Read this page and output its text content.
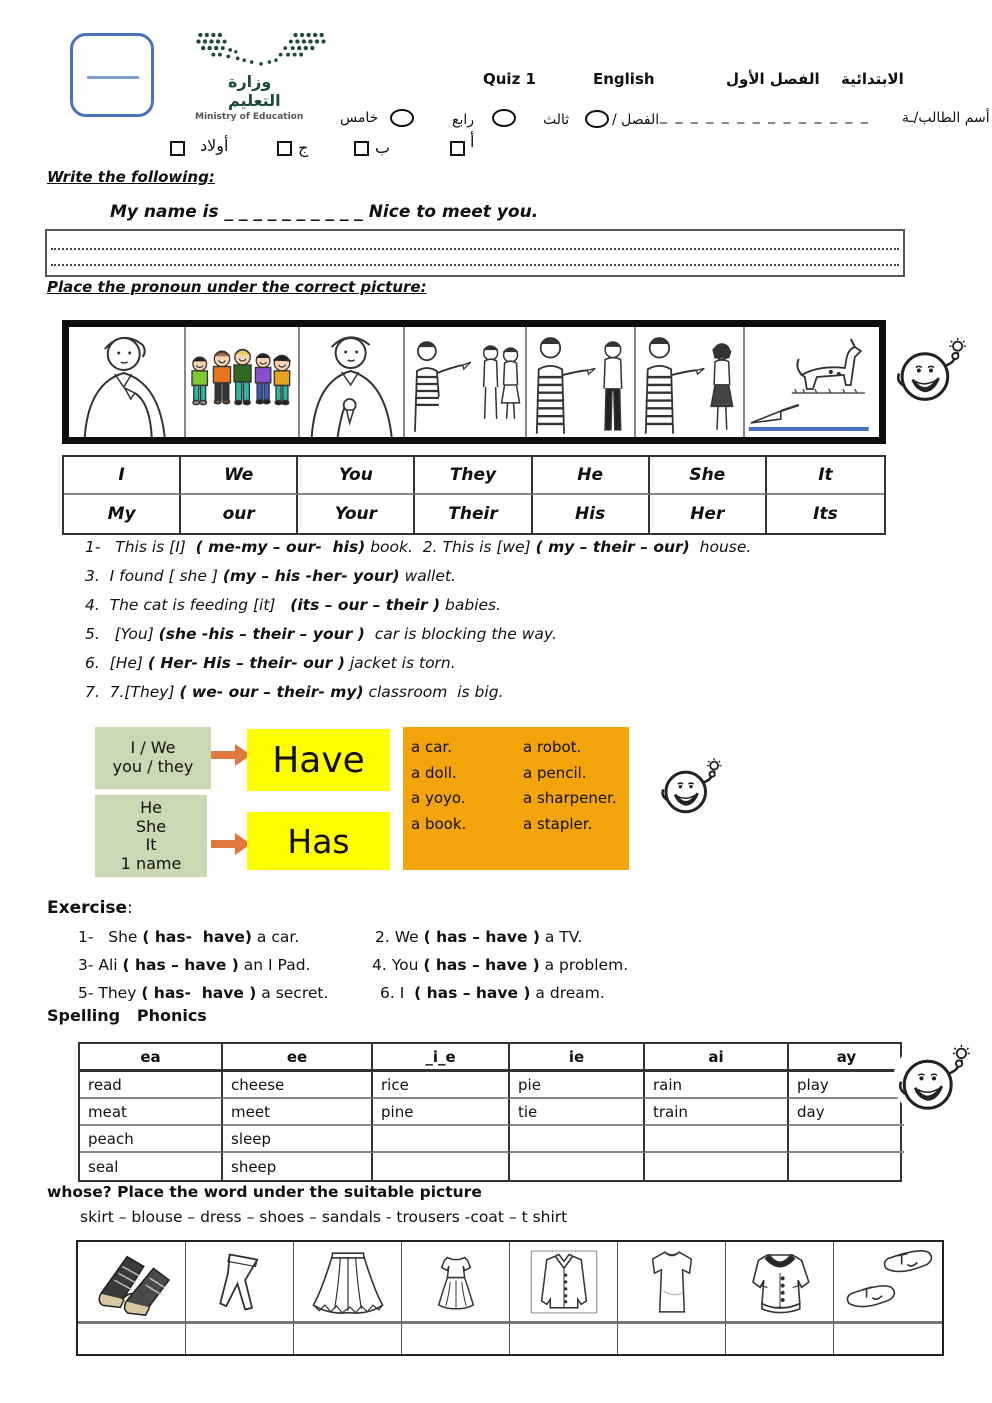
وزارة التعليم
Ministry of Education
Quiz 1	English	الفصل الأول الابتدائية
خامس	رابع	ثالث	الفصل / _ _ _ _ _ _ _ _ _ _ _ _ _ _ أسم الطالب/ـة
أولاد	ج	ب	أ
Write the following:
My name is _ _ _ _ _ _ _ _ _ _ Nice to meet you.
Place the pronoun under the correct picture:
I	We	You	They	He	She	It
My	our	Your	Their	His	Her	Its
1-   This is [I]  ( me-my – our-  his) book.  2. This is [we] ( my – their – our)  house.
3.  I found [ she ] (my – his -her- your) wallet.
4.  The cat is feeding [it]   (its – our – their ) babies.
5.   [You] (she -his – their – your )  car is blocking the way.
6.  [He] ( Her- His – their- our ) jacket is torn.
7.  7.[They] ( we- our – their- my) classroom  is big.
I / We
you / they	Have
He
She
It
1 name
Has
a car.
a doll.
a yoyo.
a book.
a robot.
a pencil.
a sharpener.
a stapler.
Exercise:
1-   She ( has-  have) a car.	2. We ( has – have ) a TV.
3- Ali ( has – have ) an I Pad.	4. You ( has – have ) a problem.
5- They ( has-  have ) a secret.	6. I  ( has – have ) a dream.
Spelling   Phonics
ea	ee	_i_e	ie	ai	ay
read	cheese	rice	pie	rain	play
meat	meet	pine	tie	train	day
peach	sleep
seal	sheep
whose? Place the word under the suitable picture
skirt – blouse – dress – shoes – sandals - trousers -coat – t shirt
